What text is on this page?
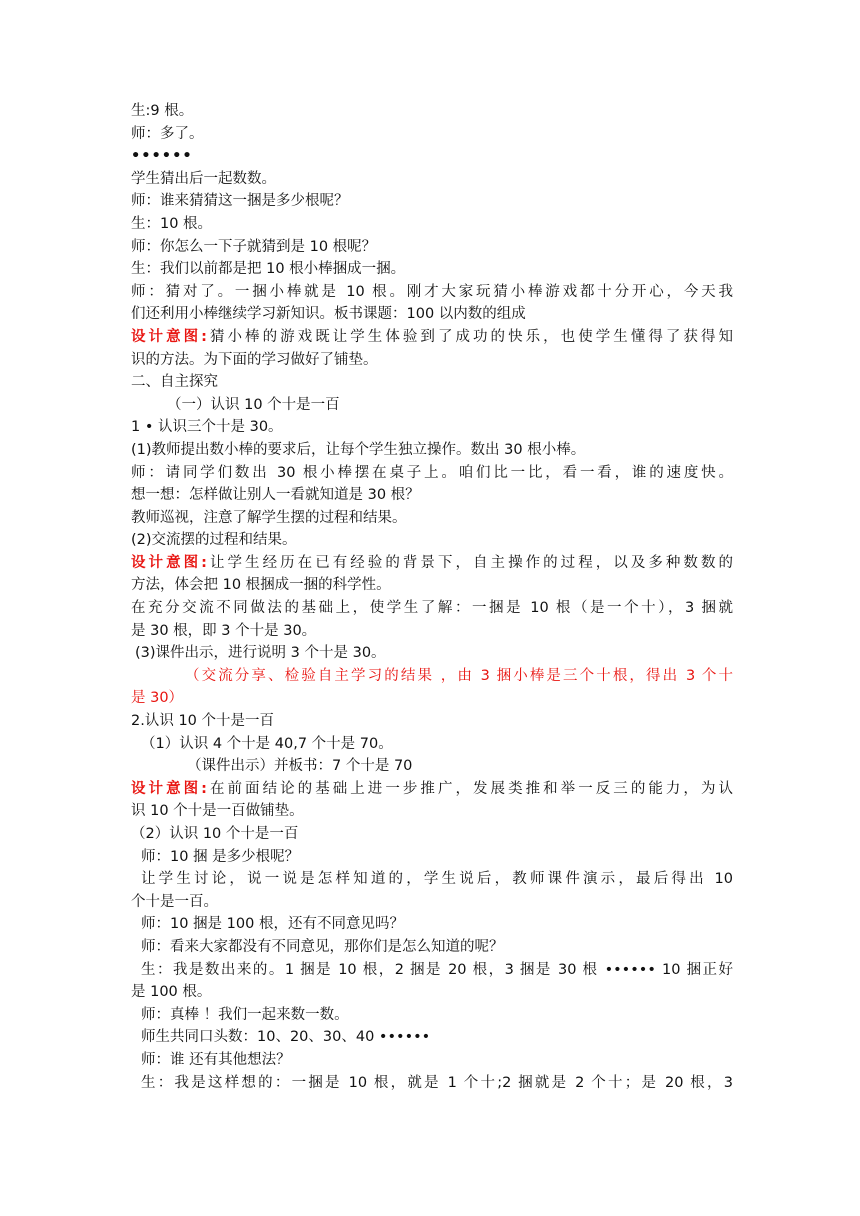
生:9 根。
师：多了。
••••••
学生猜出后一起数数。
师：谁来猜猜这一捆是多少根呢？
生：10 根。
师：你怎么一下子就猜到是 10 根呢？
生：我们以前都是把 10 根小棒捆成一捆。
师：猜对了。一捆小棒就是 10 根。刚才大家玩猜小棒游戏都十分开心，今天我
们还利用小棒继续学习新知识。板书课题：100 以内数的组成
设计意图:猜小棒的游戏既让学生体验到了成功的快乐，也使学生懂得了获得知
识的方法。为下面的学习做好了铺垫。
二、自主探究
（一）认识 10 个十是一百
1 • 认识三个十是 30。
(1)教师提出数小棒的要求后，让每个学生独立操作。数出 30 根小棒。
师：请同学们数出 30 根小棒摆在桌子上。咱们比一比，看一看，谁的速度快。
想一想：怎样做让别人一看就知道是 30 根？
教师巡视，注意了解学生摆的过程和结果。
(2)交流摆的过程和结果。
设计意图:让学生经历在已有经验的背景下，自主操作的过程，以及多种数数的
方法，体会把 10 根捆成一捆的科学性。
在充分交流不同做法的基础上，使学生了解：一捆是 10 根（是一个十），3 捆就
是 30 根，即 3 个十是 30。
(3)课件出示，进行说明 3 个十是 30。
（交流分享、检验自主学习的结果 ，由 3 捆小棒是三个十根，得出 3 个十
是 30）
2.认识 10 个十是一百
（1）认识 4 个十是 40,7 个十是 70。
（课件出示）并板书：7 个十是 70
设计意图:在前面结论的基础上进一步推广，发展类推和举一反三的能力，为认
识 10 个十是一百做铺垫。
（2）认识 10 个十是一百
师：10 捆 是多少根呢？
让学生讨论，说一说是怎样知道的，学生说后，教师课件演示，最后得出 10
个十是一百。
师：10 捆是 100 根，还有不同意见吗？
师：看来大家都没有不同意见，那你们是怎么知道的呢？
生：我是数出来的。1 捆是 10 根，2 捆是 20 根，3 捆是 30 根 •••••• 10 捆正好
是 100 根。
师：真棒 ！我们一起来数一数。
师生共同口头数：10、20、30、40 ••••••
师：谁 还有其他想法？
生：我是这样想的：一捆是 10 根，就是 1 个十;2 捆就是 2 个十；是 20 根，3
